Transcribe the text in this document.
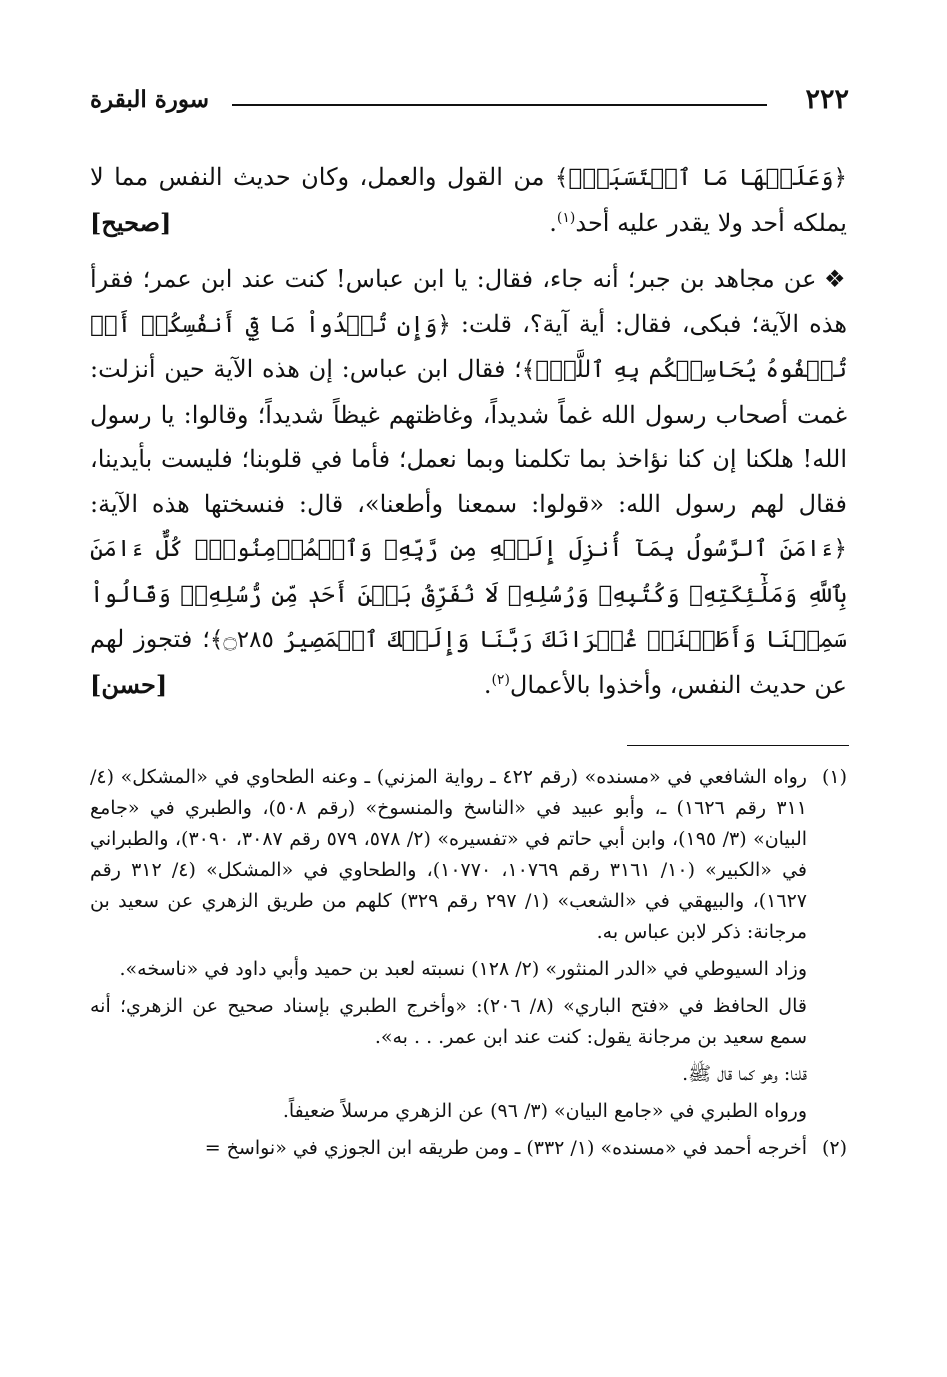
٢٢٢
سورة البقرة

﴿وَعَلَيۡهَا مَا ٱكۡتَسَبَتۡۗ﴾ من القول والعمل، وكان حديث النفس مما لا يملكه أحد ولا يقدر عليه أحد$^{(١)}$.
[صحيح]

❖ عن مجاهد بن جبر؛ أنه جاء، فقال: يا ابن عباس! كنت عند ابن عمر؛ فقرأ هذه الآية؛ فبكى، فقال: أية آية؟، قلت: ﴿وَإِن تُبۡدُواْ مَا فِيٓ أَنفُسِكُمۡ أَوۡ تُخۡفُوهُ يُحَاسِبۡكُم بِهِ ٱللَّهُۖ﴾؛ فقال ابن عباس: إن هذه الآية حين أنزلت: غمت أصحاب رسول الله غماً شديداً، وغاظتهم غيظاً شديداً؛ وقالوا: يا رسول الله! هلكنا إن كنا نؤاخذ بما تكلمنا وبما نعمل؛ فأما في قلوبنا؛ فليست بأيدينا، فقال لهم رسول الله: «قولوا: سمعنا وأطعنا»، قال: فنسختها هذه الآية: ﴿ءَامَنَ ٱلرَّسُولُ بِمَآ أُنزِلَ إِلَيۡهِ مِن رَّبِّهِۦ وَٱلۡمُؤۡمِنُونَۚ كُلٌّ ءَامَنَ بِٱللَّهِ وَمَلَٰٓئِكَتِهِۦ وَكُتُبِهِۦ وَرُسُلِهِۦ لَا نُفَرِّقُ بَيۡنَ أَحَدٖ مِّن رُّسُلِهِۦۚ وَقَالُواْ سَمِعۡنَا وَأَطَعۡنَاۖ غُفۡرَانَكَ رَبَّنَا وَإِلَيۡكَ ٱلۡمَصِيرُ ۝٢٨٥﴾؛ فتجوز لهم عن حديث النفس، وأخذوا بالأعمال$^{(٢)}$.
[حسن]

(١)
رواه الشافعي في «مسنده» (رقم ٤٢٢ ـ رواية المزني) ـ وعنه الطحاوي في «المشكل» (٤/ ٣١١ رقم ١٦٢٦) ـ، وأبو عبيد في «الناسخ والمنسوخ» (رقم ٥٠٨)، والطبري في «جامع البيان» (٣/ ١٩٥)، وابن أبي حاتم في «تفسيره» (٢/ ٥٧٨، ٥٧٩ رقم ٣٠٨٧، ٣٠٩٠)، والطبراني في «الكبير» (١٠/ ٣١٦١ رقم ١٠٧٦٩، ١٠٧٧٠)، والطحاوي في «المشكل» (٤/ ٣١٢ رقم ١٦٢٧)، والبيهقي في «الشعب» (١/ ٢٩٧ رقم ٣٢٩) كلهم من طريق الزهري عن سعيد بن مرجانة: ذكر لابن عباس به.

وزاد السيوطي في «الدر المنثور» (٢/ ١٢٨) نسبته لعبد بن حميد وأبي داود في «ناسخه».

قال الحافظ في «فتح الباري» (٨/ ٢٠٦): «وأخرج الطبري بإسناد صحيح عن الزهري؛ أنه سمع سعيد بن مرجانة يقول: كنت عند ابن عمر. . . به».

قلنا: وهو كما قال ﷺ.

ورواه الطبري في «جامع البيان» (٣/ ٩٦) عن الزهري مرسلاً ضعيفاً.

(٢)
أخرجه أحمد في «مسنده» (١/ ٣٣٢) ـ ومن طريقه ابن الجوزي في «نواسخ =
